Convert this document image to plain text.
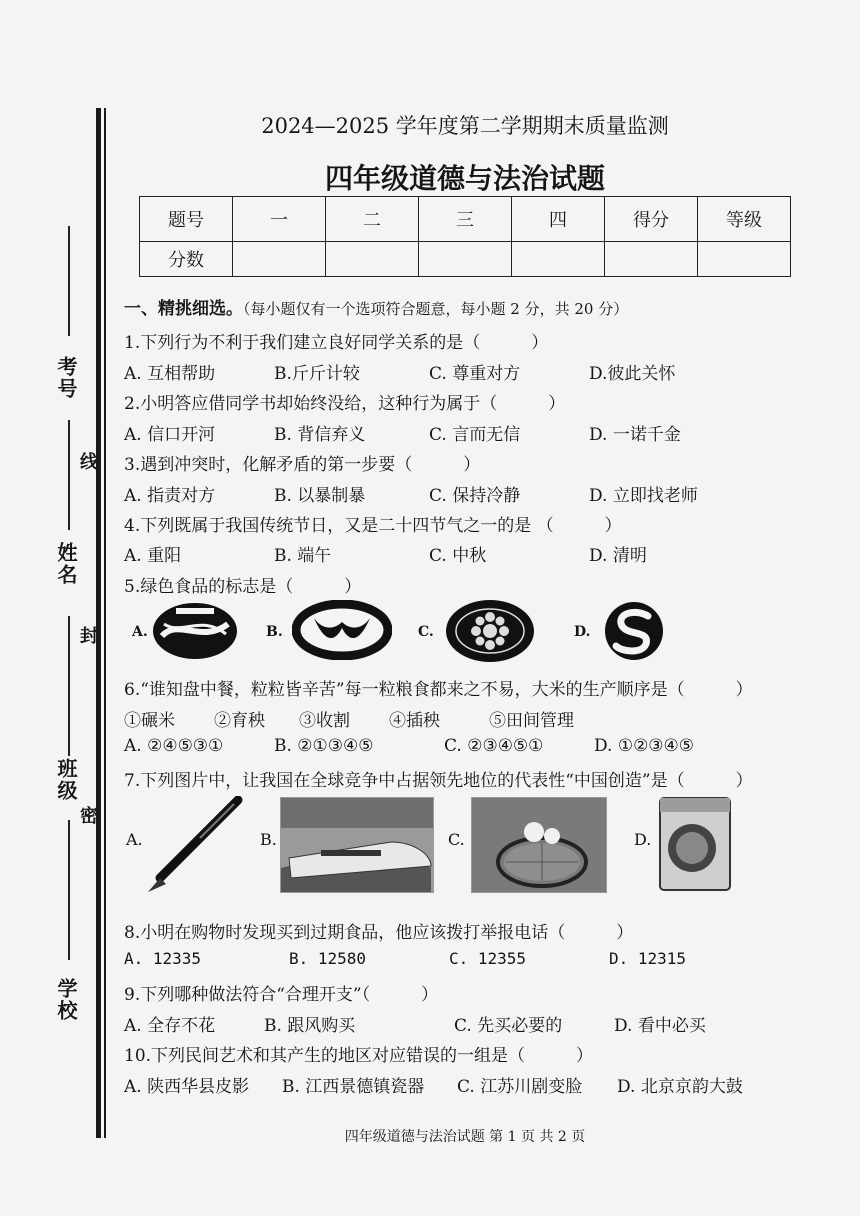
考号
姓名
班级
学校
线
封
密
2024—2025 学年度第二学期期末质量监测
四年级道德与法治试题
题号	一	二	三	四	得分	等级
分数						
一、精挑细选。（每小题仅有一个选项符合题意，每小题 2 分，共 20 分）
1.下列行为不利于我们建立良好同学关系的是（　　　）
A. 互相帮助	B.斤斤计较	C. 尊重对方	D.彼此关怀
2.小明答应借同学书却始终没给，这种行为属于（　　　）
A. 信口开河	B. 背信弃义	C. 言而无信	D. 一诺千金
3.遇到冲突时，化解矛盾的第一步要（　　　）
A. 指责对方	B. 以暴制暴	C. 保持冷静	D. 立即找老师
4.下列既属于我国传统节日，又是二十四节气之一的是 （　　　）
A. 重阳	B. 端午	C. 中秋	D. 清明
5.绿色食品的标志是（　　　）
A.	B.	C.	D.
6.“谁知盘中餐，粒粒皆辛苦”每一粒粮食都来之不易，大米的生产顺序是（　　　）
①碾米 ②育秧 ③收割 ④插秧	⑤田间管理
A. ②④⑤③①	B. ②①③④⑤	C. ②③④⑤①	D. ①②③④⑤
7.下列图片中，让我国在全球竞争中占据领先地位的代表性“中国创造”是（　　　）
A.	B.	C.	D.
8.小明在购物时发现买到过期食品，他应该拨打举报电话（　　　）
A. 12335	B. 12580	C. 12355	D. 12315
9.下列哪种做法符合“合理开支”（　　　）
A. 全存不花	B. 跟风购买	C. 先买必要的	D. 看中必买
10.下列民间艺术和其产生的地区对应错误的一组是（　　　）
A. 陕西华县皮影 B. 江西景德镇瓷器 C. 江苏川剧变脸 D. 北京京韵大鼓
四年级道德与法治试题 第 1 页 共 2 页
